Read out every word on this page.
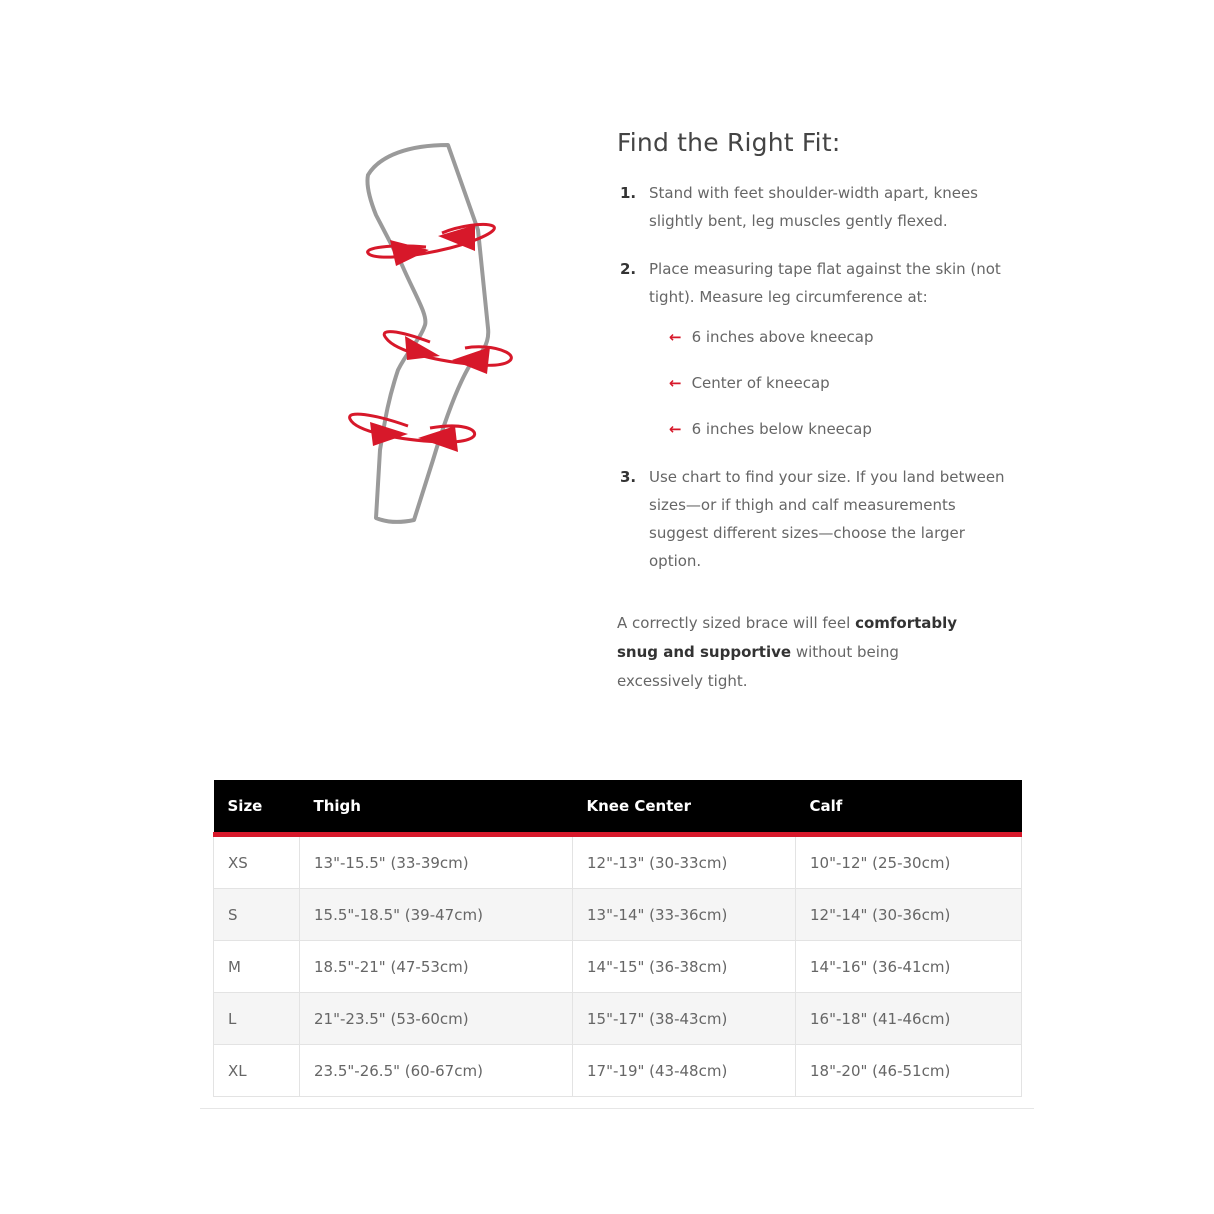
Find the Right Fit:
1. Stand with feet shoulder-width apart, knees slightly bent, leg muscles gently flexed.
2. Place measuring tape flat against the skin (not tight). Measure leg circumference at:
← 6 inches above kneecap
← Center of kneecap
← 6 inches below kneecap
3. Use chart to find your size. If you land between sizes—or if thigh and calf measurements suggest different sizes—choose the larger option.

A correctly sized brace will feel comfortably snug and supportive without being excessively tight.

Size	Thigh	Knee Center	Calf
XS	13"-15.5" (33-39cm)	12"-13" (30-33cm)	10"-12" (25-30cm)
S	15.5"-18.5" (39-47cm)	13"-14" (33-36cm)	12"-14" (30-36cm)
M	18.5"-21" (47-53cm)	14"-15" (36-38cm)	14"-16" (36-41cm)
L	21"-23.5" (53-60cm)	15"-17" (38-43cm)	16"-18" (41-46cm)
XL	23.5"-26.5" (60-67cm)	17"-19" (43-48cm)	18"-20" (46-51cm)
